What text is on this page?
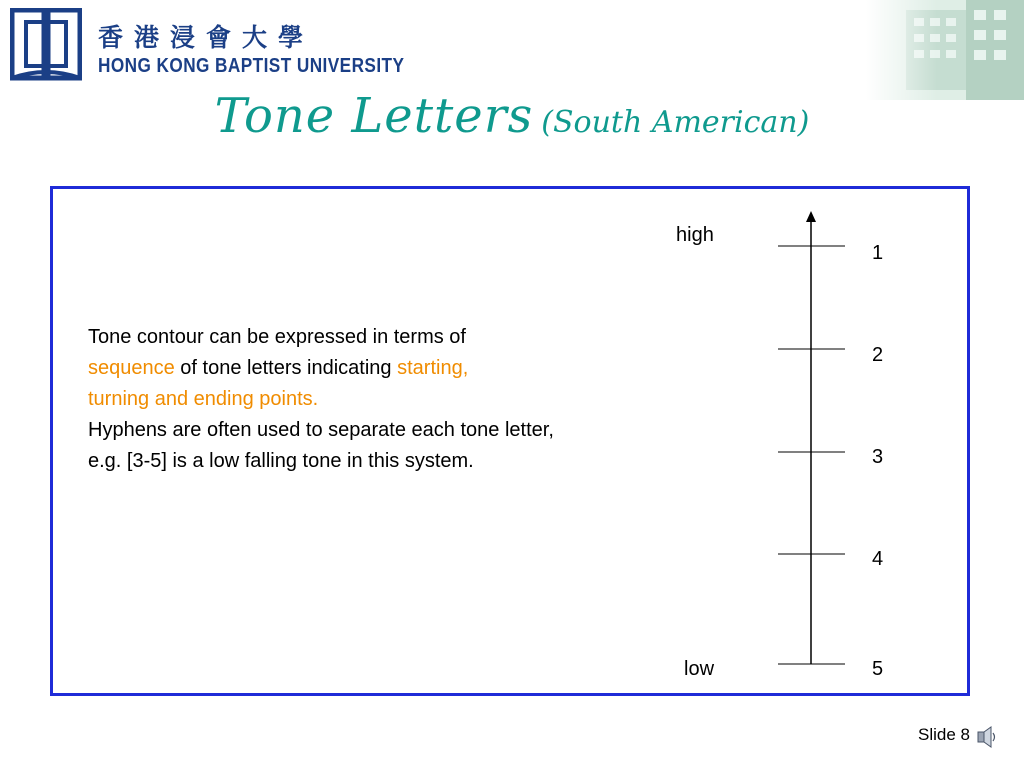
香港浸會大學
HONG KONG BAPTIST UNIVERSITY
Tone Letters (South American)
Tone contour can be expressed in terms of
sequence of tone letters indicating starting,
turning and ending points.
Hyphens are often used to separate each tone letter,
e.g. [3-5] is a low falling tone in this system.
high
low
1
2
3
4
5
Slide 8
